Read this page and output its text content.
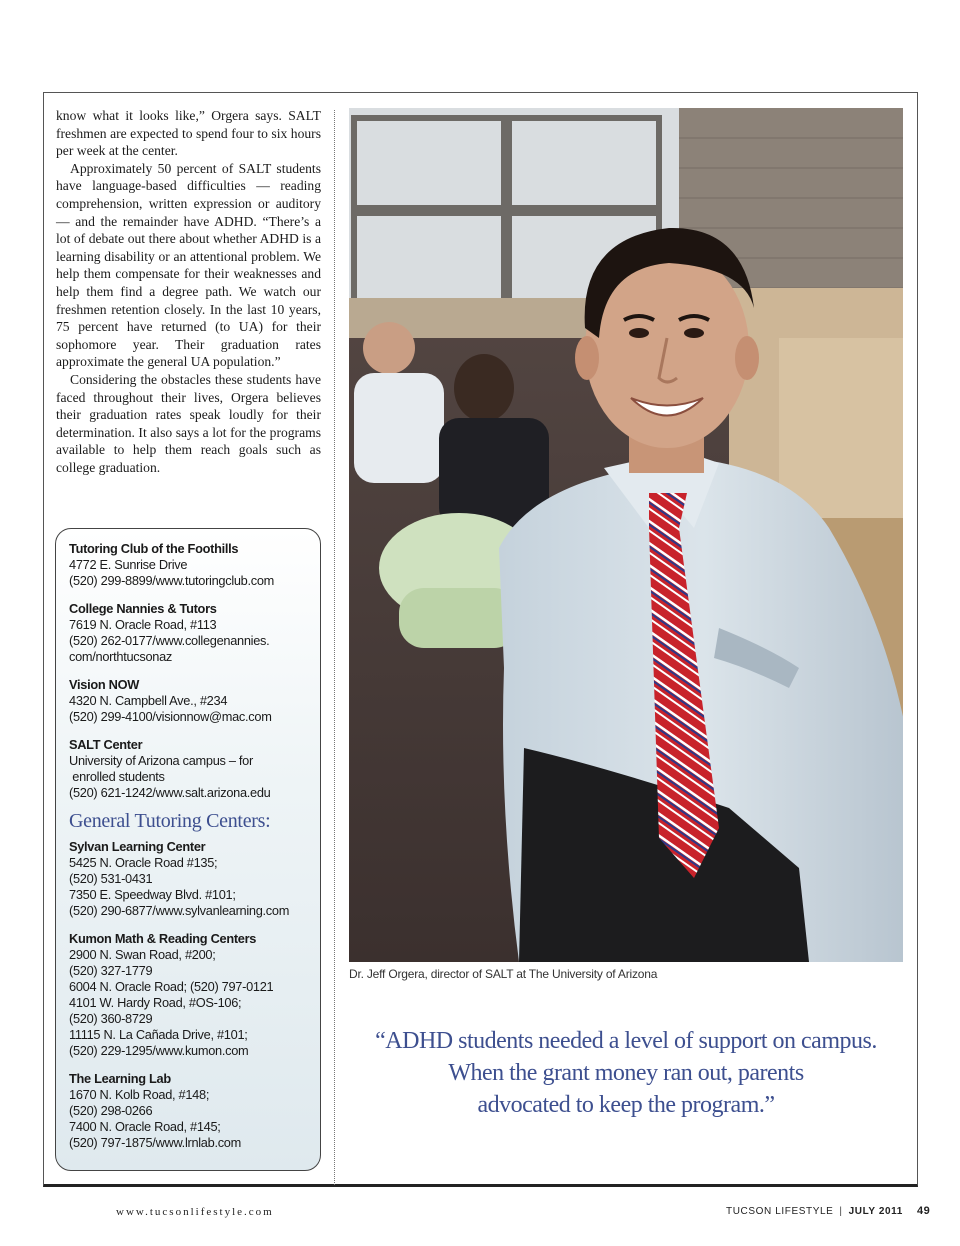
know what it looks like,” Orgera says. SALT freshmen are expected to spend four to six hours per week at the center.

Approximately 50 percent of SALT students have language-based difficulties — reading comprehension, written expression or auditory — and the remainder have ADHD. “There’s a lot of debate out there about whether ADHD is a learning disability or an attentional problem. We help them compensate for their weaknesses and help them find a degree path. We watch our freshmen retention closely. In the last 10 years, 75 percent have returned (to UA) for their sophomore year. Their graduation rates approximate the general UA population.”

Considering the obstacles these students have faced throughout their lives, Orgera believes their graduation rates speak loudly for their determination. It also says a lot for the programs available to help them reach goals such as college graduation.

Tutoring Club of the Foothills
4772 E. Sunrise Drive
(520) 299-8899/www.tutoringclub.com
College Nannies & Tutors
7619 N. Oracle Road, #113
(520) 262-0177/www.collegenannies.
com/northtucsonaz
Vision NOW
4320 N. Campbell Ave., #234
(520) 299-4100/visionnow@mac.com
SALT Center
University of Arizona campus – for
enrolled students
(520) 621-1242/www.salt.arizona.edu
General Tutoring Centers:
Sylvan Learning Center
5425 N. Oracle Road #135;
(520) 531-0431
7350 E. Speedway Blvd. #101;
(520) 290-6877/www.sylvanlearning.com
Kumon Math & Reading Centers
2900 N. Swan Road, #200;
(520) 327-1779
6004 N. Oracle Road; (520) 797-0121
4101 W. Hardy Road, #OS-106;
(520) 360-8729
11115 N. La Cañada Drive, #101;
(520) 229-1295/www.kumon.com
The Learning Lab
1670 N. Kolb Road, #148;
(520) 298-0266
7400 N. Oracle Road, #145;
(520) 797-1875/www.lrnlab.com
Dr. Jeff Orgera, director of SALT at The University of Arizona
“ADHD students needed a level of support on campus.
When the grant money ran out, parents
advocated to keep the program.”
www.tucsonlifestyle.com	TUCSON LIFESTYLE | JULY 2011 49
